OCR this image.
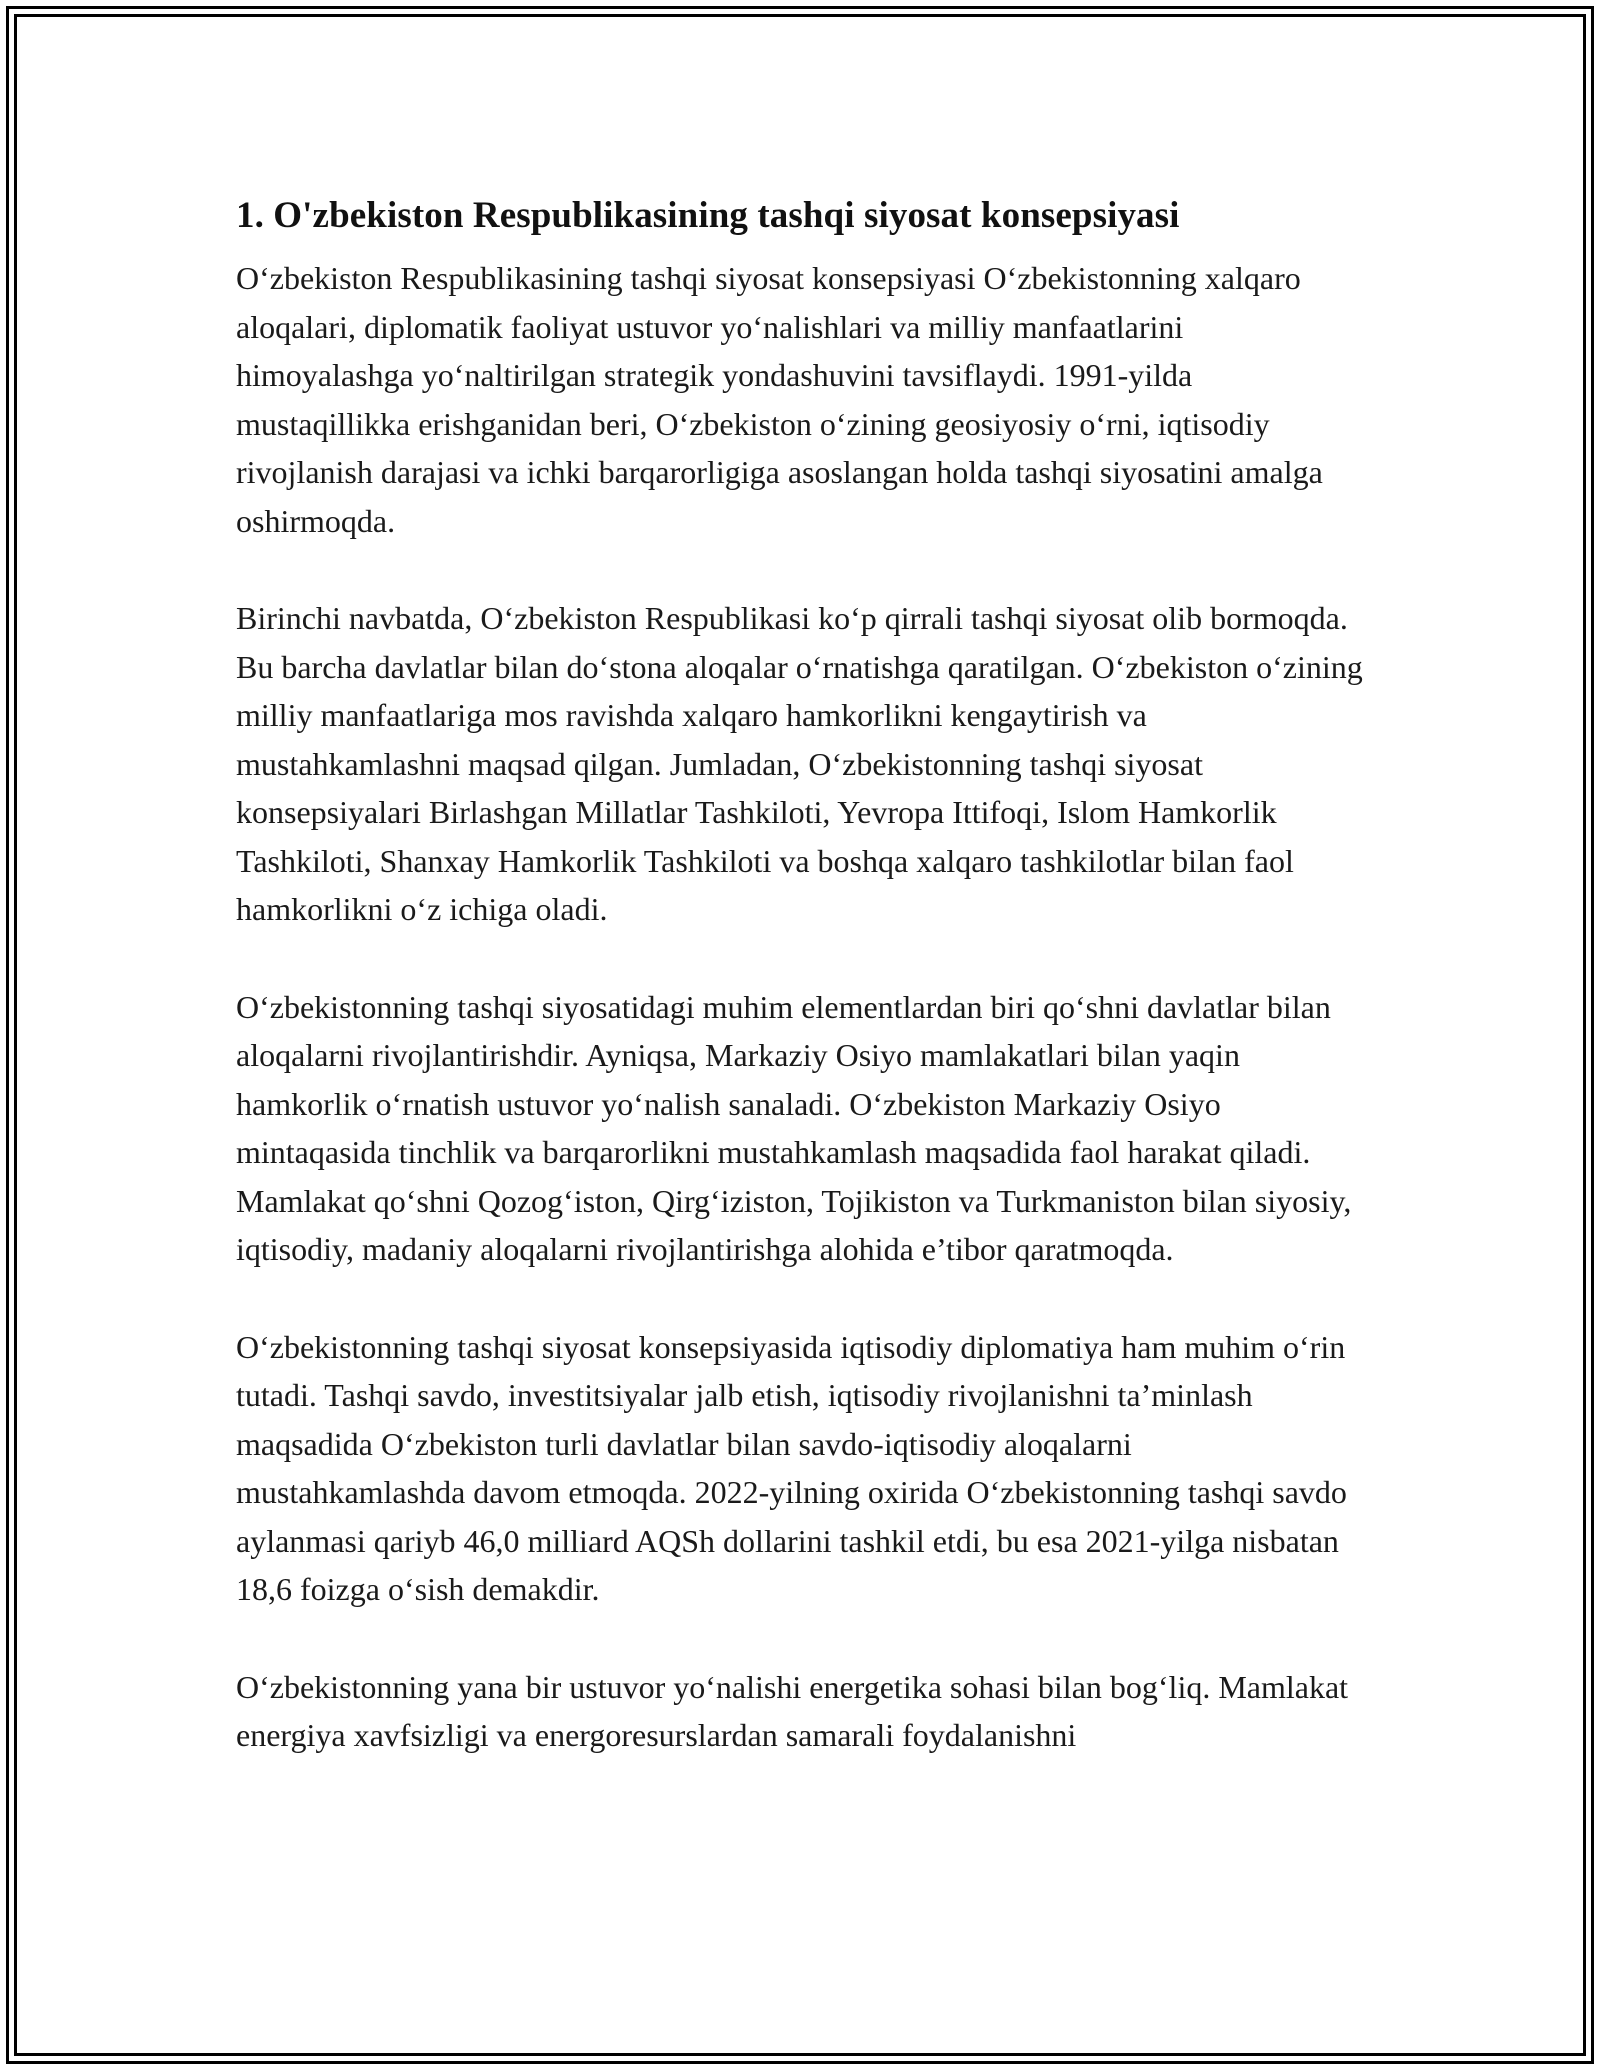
1. O'zbekiston Respublikasining tashqi siyosat konsepsiyasi

O‘zbekiston Respublikasining tashqi siyosat konsepsiyasi O‘zbekistonning xalqaro aloqalari, diplomatik faoliyat ustuvor yo‘nalishlari va milliy manfaatlarini himoyalashga yo‘naltirilgan strategik yondashuvini tavsiflaydi. 1991-yilda mustaqillikka erishganidan beri, O‘zbekiston o‘zining geosiyosiy o‘rni, iqtisodiy rivojlanish darajasi va ichki barqarorligiga asoslangan holda tashqi siyosatini amalga oshirmoqda.

Birinchi navbatda, O‘zbekiston Respublikasi ko‘p qirrali tashqi siyosat olib bormoqda. Bu barcha davlatlar bilan do‘stona aloqalar o‘rnatishga qaratilgan. O‘zbekiston o‘zining milliy manfaatlariga mos ravishda xalqaro hamkorlikni kengaytirish va mustahkamlashni maqsad qilgan. Jumladan, O‘zbekistonning tashqi siyosat konsepsiyalari Birlashgan Millatlar Tashkiloti, Yevropa Ittifoqi, Islom Hamkorlik Tashkiloti, Shanxay Hamkorlik Tashkiloti va boshqa xalqaro tashkilotlar bilan faol hamkorlikni o‘z ichiga oladi.

O‘zbekistonning tashqi siyosatidagi muhim elementlardan biri qo‘shni davlatlar bilan aloqalarni rivojlantirishdir. Ayniqsa, Markaziy Osiyo mamlakatlari bilan yaqin hamkorlik o‘rnatish ustuvor yo‘nalish sanaladi. O‘zbekiston Markaziy Osiyo mintaqasida tinchlik va barqarorlikni mustahkamlash maqsadida faol harakat qiladi. Mamlakat qo‘shni Qozog‘iston, Qirg‘iziston, Tojikiston va Turkmaniston bilan siyosiy, iqtisodiy, madaniy aloqalarni rivojlantirishga alohida e’tibor qaratmoqda.

O‘zbekistonning tashqi siyosat konsepsiyasida iqtisodiy diplomatiya ham muhim o‘rin tutadi. Tashqi savdo, investitsiyalar jalb etish, iqtisodiy rivojlanishni ta’minlash maqsadida O‘zbekiston turli davlatlar bilan savdo-iqtisodiy aloqalarni mustahkamlashda davom etmoqda. 2022-yilning oxirida O‘zbekistonning tashqi savdo aylanmasi qariyb 46,0 milliard AQSh dollarini tashkil etdi, bu esa 2021-yilga nisbatan 18,6 foizga o‘sish demakdir.

O‘zbekistonning yana bir ustuvor yo‘nalishi energetika sohasi bilan bog‘liq. Mamlakat energiya xavfsizligi va energoresurslardan samarali foydalanishni
